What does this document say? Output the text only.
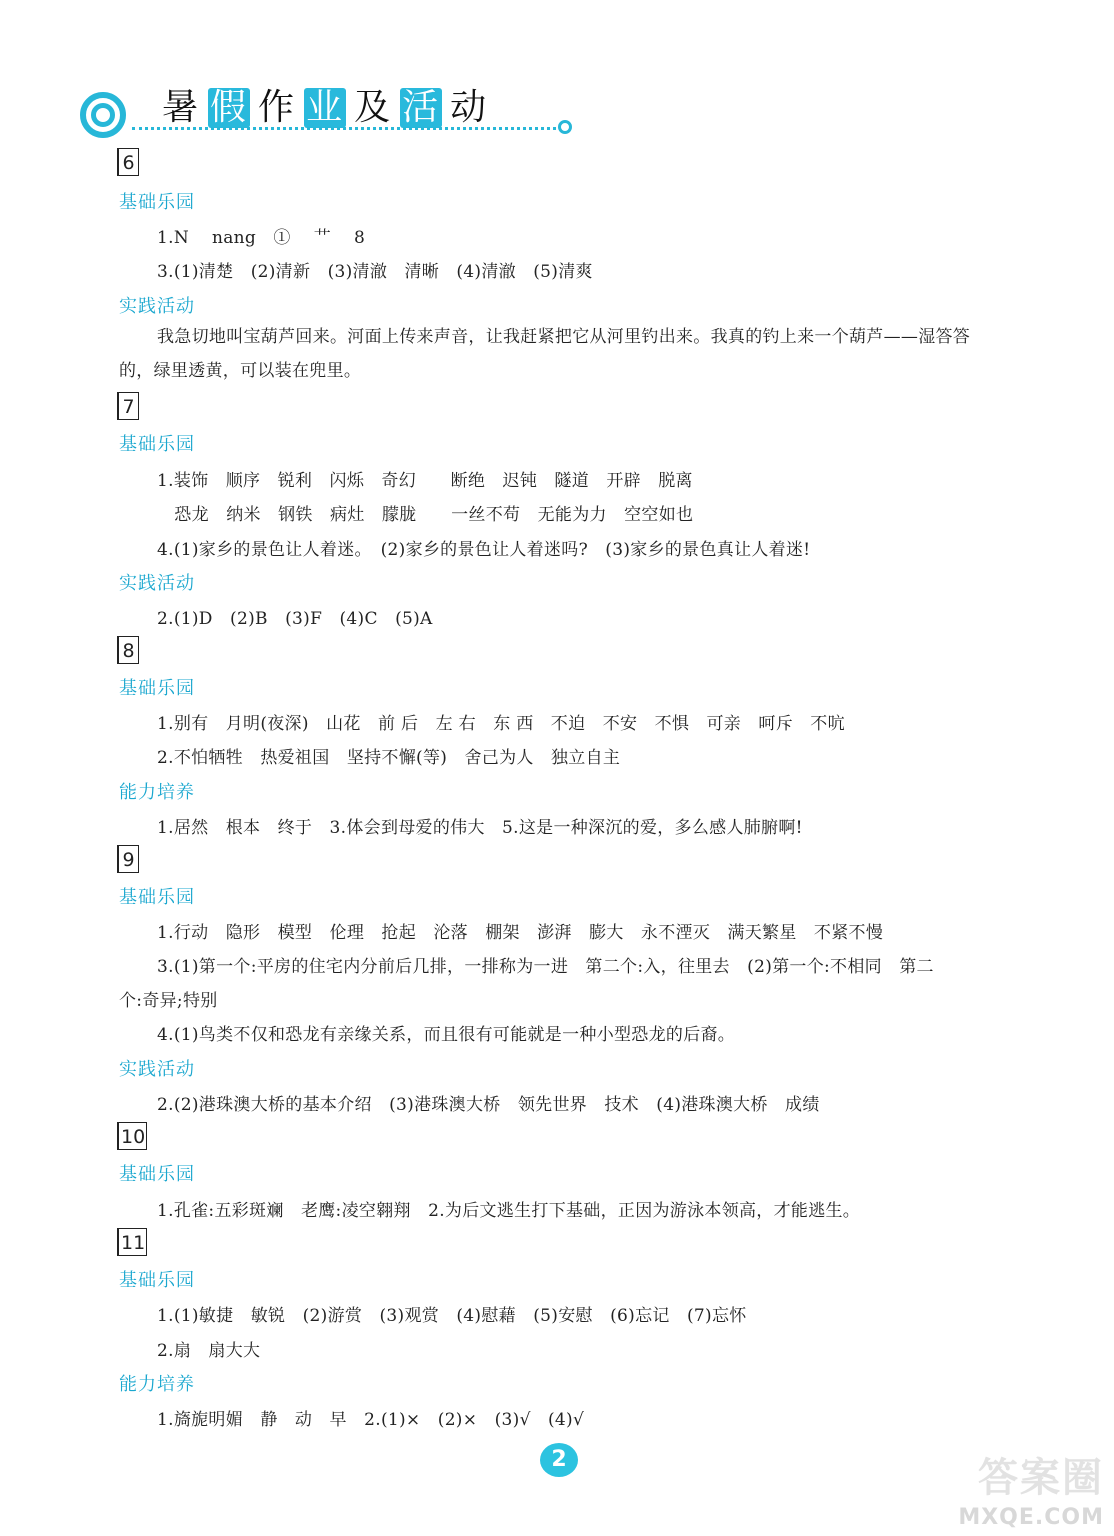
暑 假 作 业 及 活 动
6
基础乐园
1.N　 nang　①　 艹　 8
3.(1)清楚　(2)清新　(3)清澈　清晰　(4)清澈　(5)清爽
实践活动
我急切地叫宝葫芦回来。河面上传来声音，让我赶紧把它从河里钓出来。我真的钓上来一个葫芦——湿答答的，绿里透黄，可以装在兜里。
7
基础乐园
1.装饰　顺序　锐利　闪烁　奇幻　　断绝　迟钝　隧道　开辟　脱离
　恐龙　纳米　钢铁　病灶　朦胧　　一丝不苟　无能为力　空空如也
4.(1)家乡的景色让人着迷。　(2)家乡的景色让人着迷吗?　(3)家乡的景色真让人着迷!
实践活动
2.(1)D　(2)B　(3)F　(4)C　(5)A
8
基础乐园
1.别有　月明(夜深)　山花　前 后　左 右　东 西　不迫　不安　不惧　可亲　呵斥　不吭
2.不怕牺牲　热爱祖国　坚持不懈(等)　舍己为人　独立自主
能力培养
1.居然　根本　终于　3.体会到母爱的伟大　5.这是一种深沉的爱，多么感人肺腑啊!
9
基础乐园
1.行动　隐形　模型　伦理　抢起　沦落　棚架　澎湃　膨大　永不湮灭　满天繁星　不紧不慢
3.(1)第一个:平房的住宅内分前后几排，一排称为一进　第二个:入，往里去　(2)第一个:不相同　第二
个:奇异;特别
4.(1)鸟类不仅和恐龙有亲缘关系，而且很有可能就是一种小型恐龙的后裔。
实践活动
2.(2)港珠澳大桥的基本介绍　(3)港珠澳大桥　领先世界　技术　(4)港珠澳大桥　成绩
10
基础乐园
1.孔雀:五彩斑斓　老鹰:凌空翱翔　2.为后文逃生打下基础，正因为游泳本领高，才能逃生。
11
基础乐园
1.(1)敏捷　敏锐　(2)游赏　(3)观赏　(4)慰藉　(5)安慰　(6)忘记　(7)忘怀
2.扇　扇大大
能力培养
1.旖旎明媚　静　动　早　2.(1)×　(2)×　(3)√　(4)√
2	答案圈
MXQE.COM
